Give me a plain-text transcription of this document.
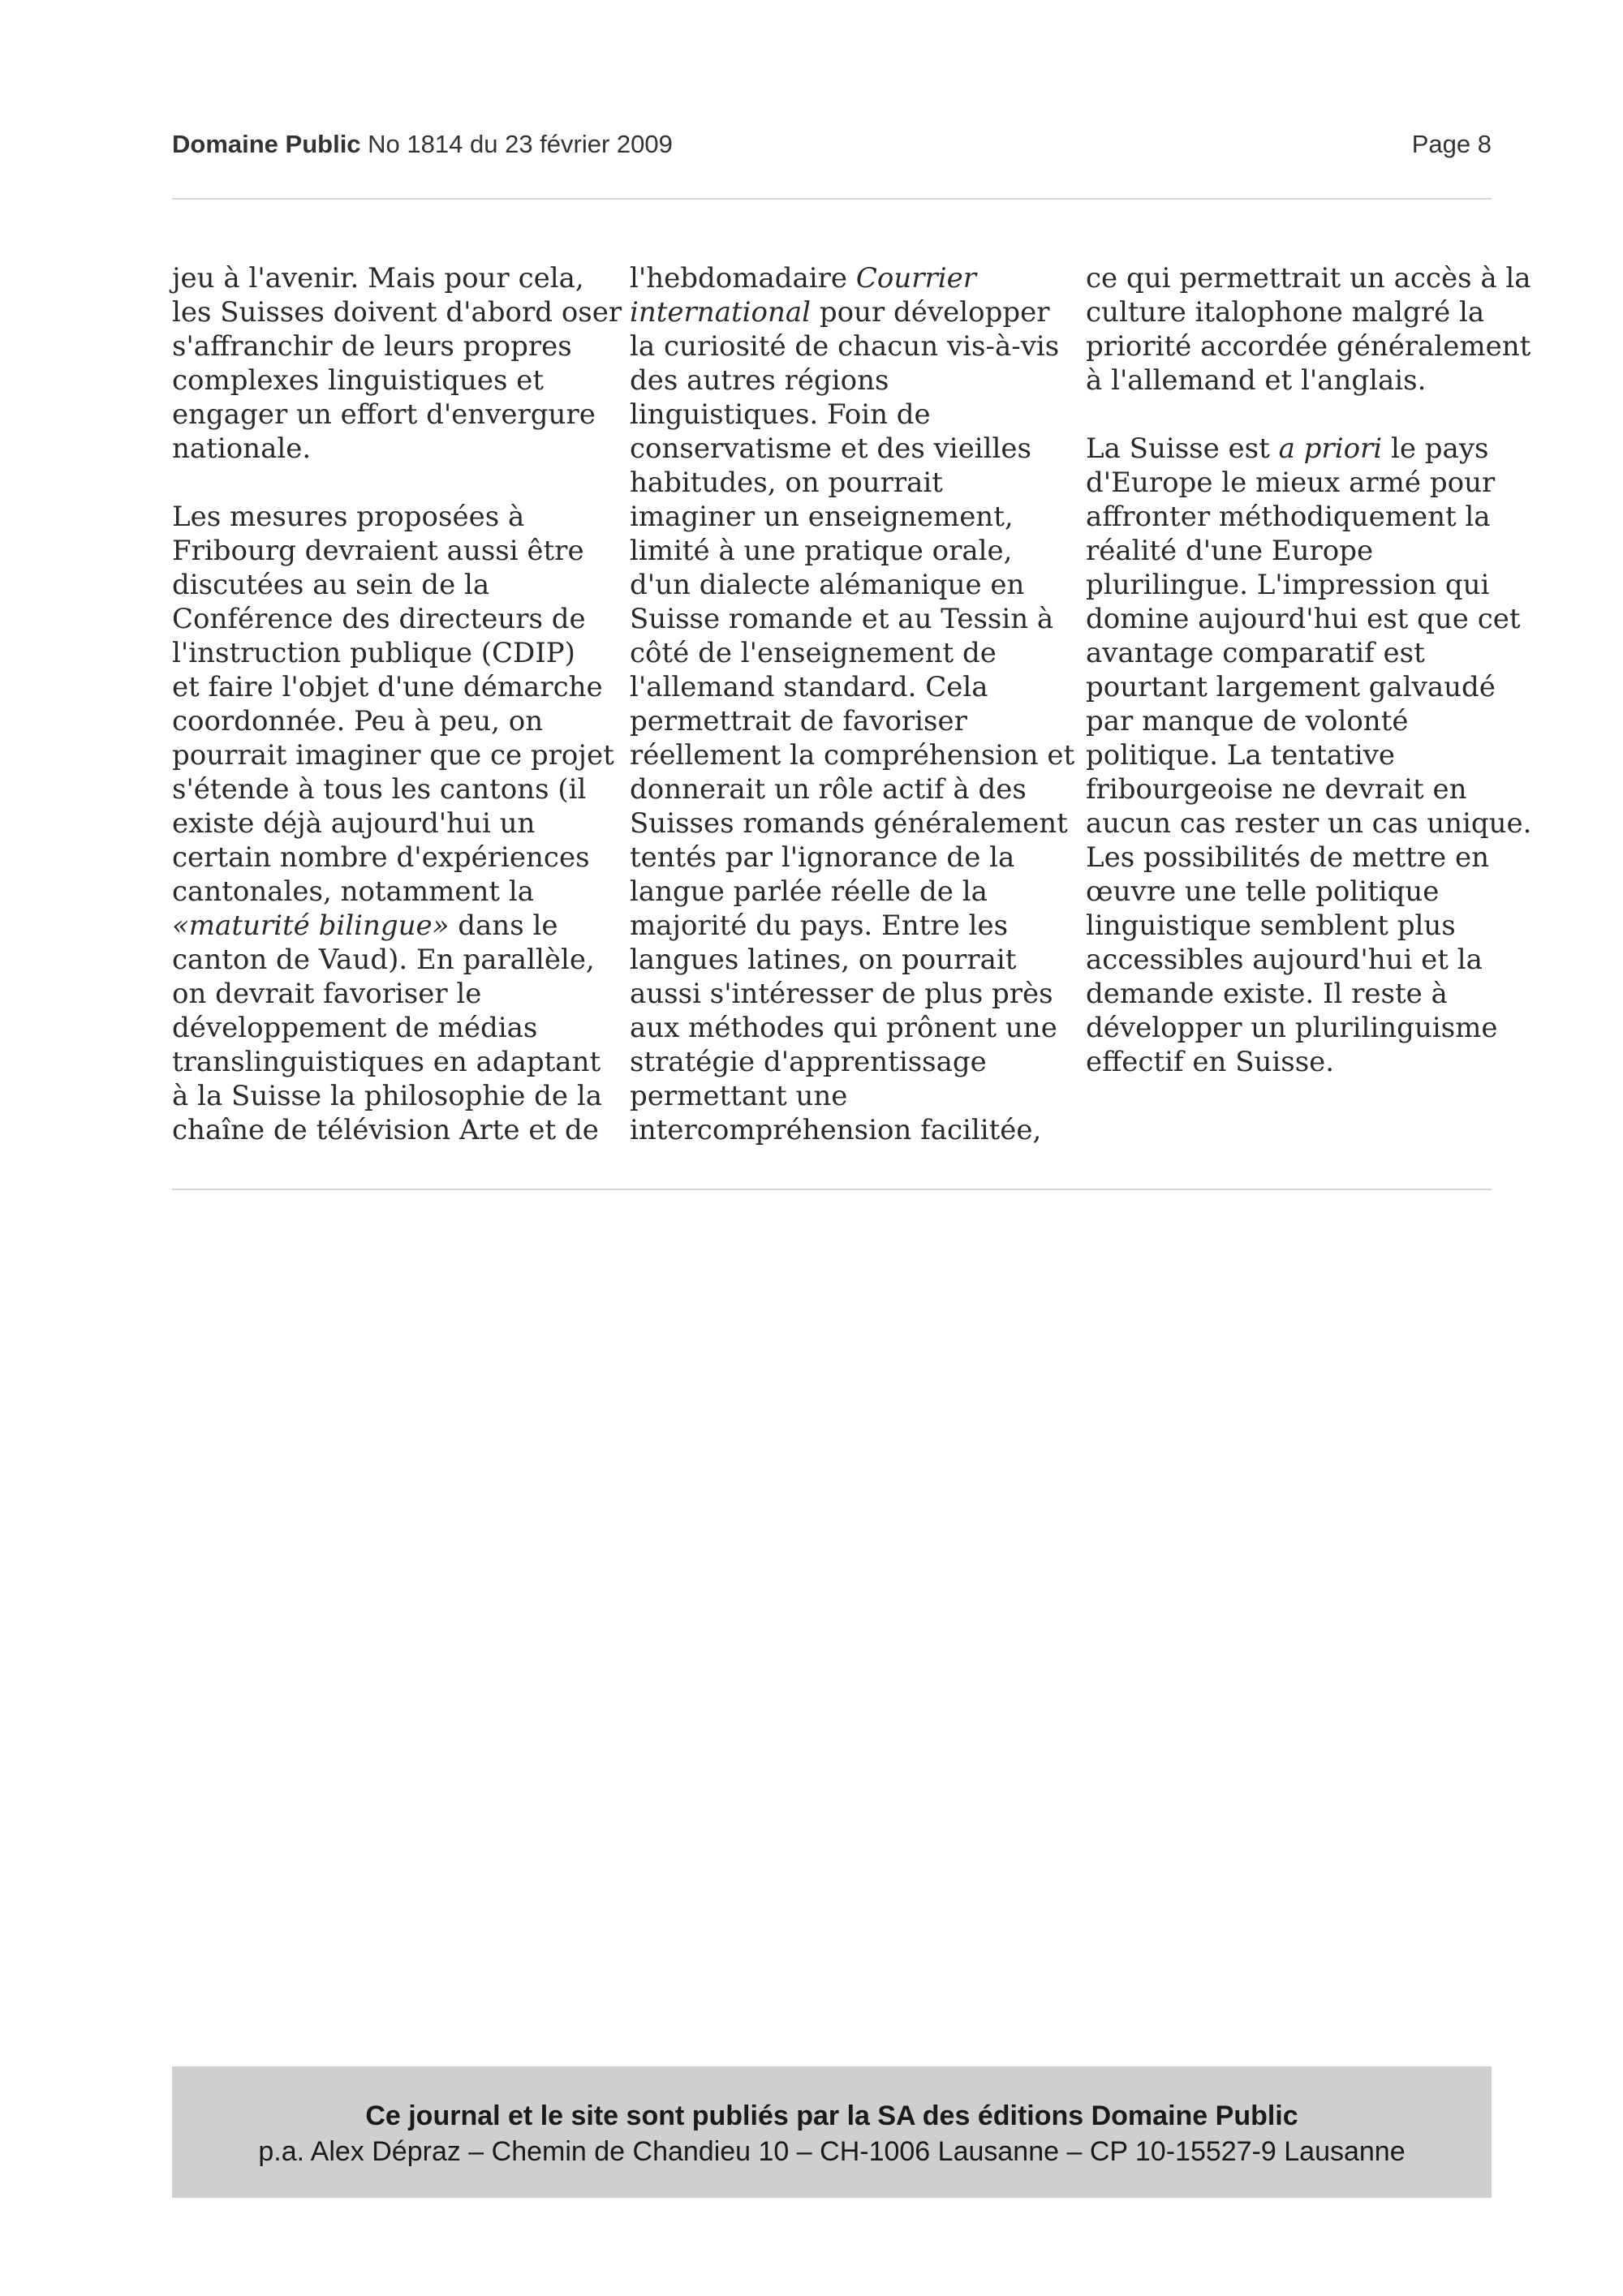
Domaine Public No 1814 du 23 février 2009	Page 8

jeu à l'avenir. Mais pour cela,
les Suisses doivent d'abord oser
s'affranchir de leurs propres
complexes linguistiques et
engager un effort d'envergure
nationale.

Les mesures proposées à
Fribourg devraient aussi être
discutées au sein de la
Conférence des directeurs de
l'instruction publique (CDIP)
et faire l'objet d'une démarche
coordonnée. Peu à peu, on
pourrait imaginer que ce projet
s'étende à tous les cantons (il
existe déjà aujourd'hui un
certain nombre d'expériences
cantonales, notamment la
«maturité bilingue» dans le
canton de Vaud). En parallèle,
on devrait favoriser le
développement de médias
translinguistiques en adaptant
à la Suisse la philosophie de la
chaîne de télévision Arte et de

l'hebdomadaire Courrier
international pour développer
la curiosité de chacun vis-à-vis
des autres régions
linguistiques. Foin de
conservatisme et des vieilles
habitudes, on pourrait
imaginer un enseignement,
limité à une pratique orale,
d'un dialecte alémanique en
Suisse romande et au Tessin à
côté de l'enseignement de
l'allemand standard. Cela
permettrait de favoriser
réellement la compréhension et
donnerait un rôle actif à des
Suisses romands généralement
tentés par l'ignorance de la
langue parlée réelle de la
majorité du pays. Entre les
langues latines, on pourrait
aussi s'intéresser de plus près
aux méthodes qui prônent une
stratégie d'apprentissage
permettant une
intercompréhension facilitée,

ce qui permettrait un accès à la
culture italophone malgré la
priorité accordée généralement
à l'allemand et l'anglais.

La Suisse est a priori le pays
d'Europe le mieux armé pour
affronter méthodiquement la
réalité d'une Europe
plurilingue. L'impression qui
domine aujourd'hui est que cet
avantage comparatif est
pourtant largement galvaudé
par manque de volonté
politique. La tentative
fribourgeoise ne devrait en
aucun cas rester un cas unique.
Les possibilités de mettre en
œuvre une telle politique
linguistique semblent plus
accessibles aujourd'hui et la
demande existe. Il reste à
développer un plurilinguisme
effectif en Suisse.

Ce journal et le site sont publiés par la SA des éditions Domaine Public
p.a. Alex Dépraz – Chemin de Chandieu 10 – CH-1006 Lausanne – CP 10-15527-9 Lausanne
